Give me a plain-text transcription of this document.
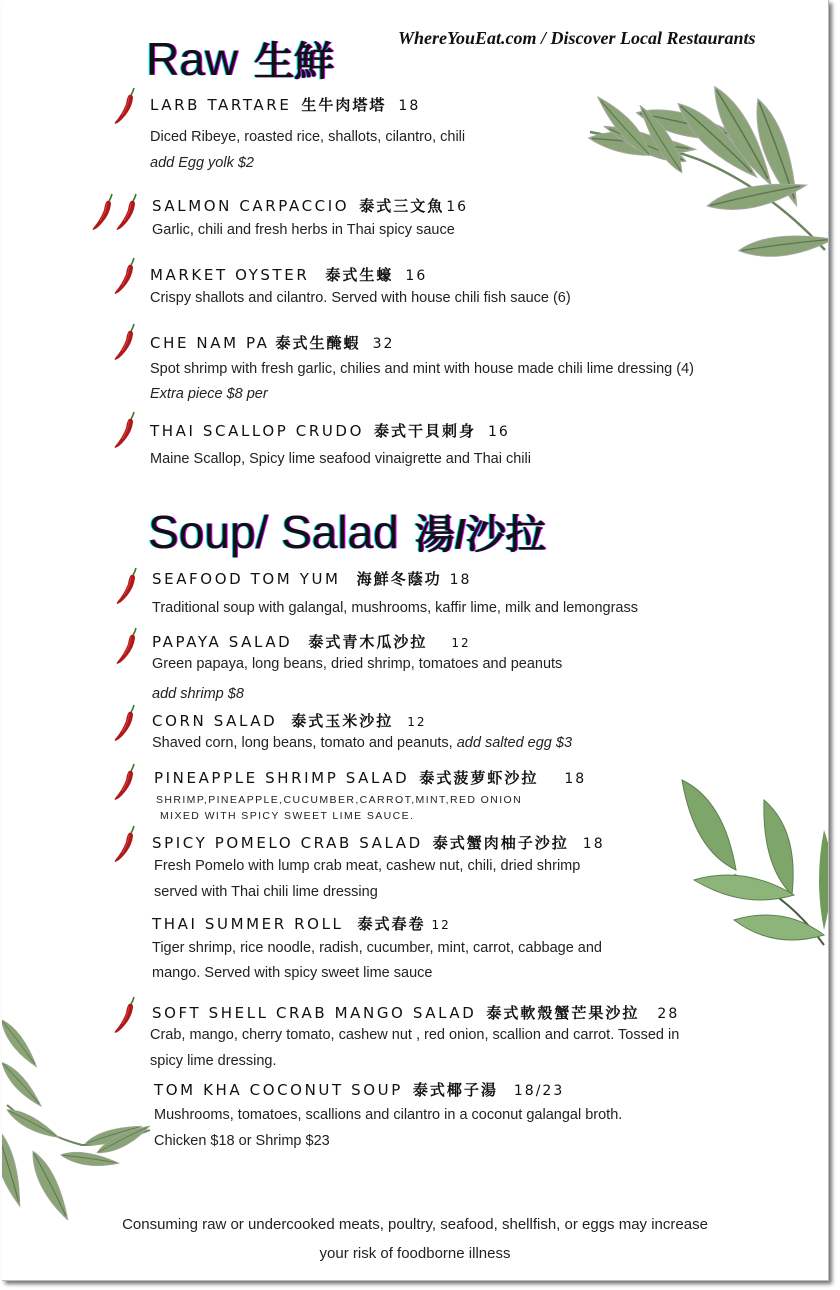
WhereYouEat.com / Discover Local Restaurants
Raw 生鮮
LARB TARTARE 生牛肉塔塔 18
Diced Ribeye, roasted rice, shallots, cilantro, chili
add Egg yolk $2
SALMON CARPACCIO 泰式三文魚 16
Garlic, chili and fresh herbs in Thai spicy sauce
MARKET OYSTER 泰式生蠔 16
Crispy shallots and cilantro. Served with house chili fish sauce (6)
CHE NAM PA 泰式生醃蝦 32
Spot shrimp with fresh garlic, chilies and mint with house made chili lime dressing (4)
Extra piece $8 per
THAI SCALLOP CRUDO 泰式干貝刺身 16
Maine Scallop, Spicy lime seafood vinaigrette and Thai chili
Soup/ Salad 湯/沙拉
SEAFOOD TOM YUM 海鮮冬蔭功 18
Traditional soup with galangal, mushrooms, kaffir lime, milk and lemongrass
PAPAYA SALAD 泰式青木瓜沙拉 12
Green papaya, long beans, dried shrimp, tomatoes and peanuts
add shrimp $8
CORN SALAD 泰式玉米沙拉 12
Shaved corn, long beans, tomato and peanuts, add salted egg $3
PINEAPPLE SHRIMP SALAD 泰式菠萝虾沙拉 18
SHRIMP,PINEAPPLE,CUCUMBER,CARROT,MINT,RED ONION
MIXED WITH SPICY SWEET LIME SAUCE.
SPICY POMELO CRAB SALAD 泰式蟹肉柚子沙拉 18
Fresh Pomelo with lump crab meat, cashew nut, chili, dried shrimp
served with Thai chili lime dressing
THAI SUMMER ROLL 泰式春卷 12
Tiger shrimp, rice noodle, radish, cucumber, mint, carrot, cabbage and
mango. Served with spicy sweet lime sauce
SOFT SHELL CRAB MANGO SALAD 泰式軟殼蟹芒果沙拉 28
Crab, mango, cherry tomato, cashew nut , red onion, scallion and carrot. Tossed in
spicy lime dressing.
TOM KHA COCONUT SOUP 泰式椰子湯 18/23
Mushrooms, tomatoes, scallions and cilantro in a coconut galangal broth.
Chicken $18 or Shrimp $23
Consuming raw or undercooked meats, poultry, seafood, shellfish, or eggs may increase
your risk of foodborne illness
